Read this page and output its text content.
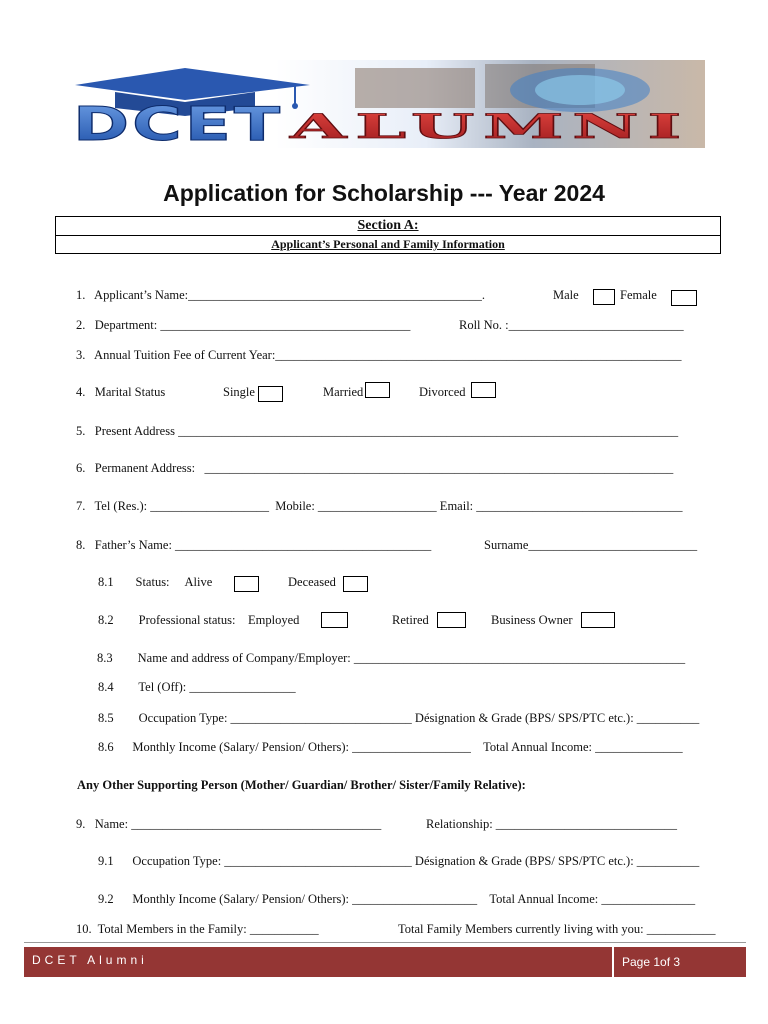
DCET ALUMNI
Application for Scholarship --- Year 2024
Section A:
Applicant’s Personal and Family Information
1.   Applicant’s Name:_______________________________________________.	Male	Female
2.   Department: ________________________________________	Roll No. :____________________________
3.   Annual Tuition Fee of Current Year:_________________________________________________________________
4.   Marital Status	Single	Married	Divorced
5.   Present Address ________________________________________________________________________________
6.   Permanent Address:   ___________________________________________________________________________
7.   Tel (Res.): ___________________  Mobile: ___________________ Email: _________________________________
8.   Father’s Name: _________________________________________	Surname___________________________
8.1       Status:     Alive	Deceased
8.2        Professional status:    Employed	Retired	Business Owner
8.3        Name and address of Company/Employer: _____________________________________________________
8.4        Tel (Off): _________________
8.5        Occupation Type: _____________________________ Désignation & Grade (BPS/ SPS/PTC etc.): __________
8.6      Monthly Income (Salary/ Pension/ Others): ___________________    Total Annual Income: ______________
Any Other Supporting Person (Mother/ Guardian/ Brother/ Sister/Family Relative):
9.   Name: ________________________________________	Relationship: _____________________________
9.1      Occupation Type: ______________________________ Désignation & Grade (BPS/ SPS/PTC etc.): __________
9.2      Monthly Income (Salary/ Pension/ Others): ____________________    Total Annual Income: _______________
10.  Total Members in the Family: ___________	Total Family Members currently living with you: ___________
DCET Alumni	Page 1of 3
